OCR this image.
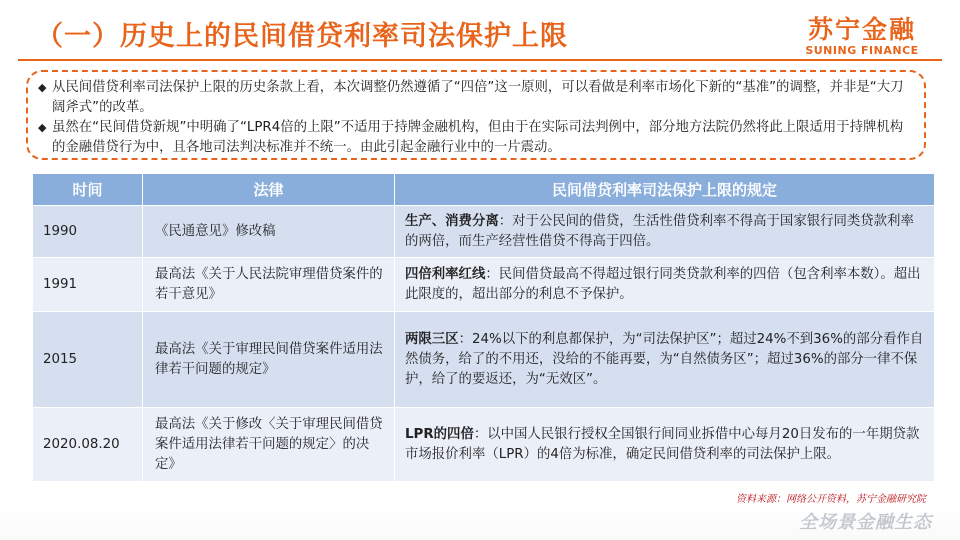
（一）历史上的民间借贷利率司法保护上限	苏宁金融
SUNING FINANCE
◆ 从民间借贷利率司法保护上限的历史条款上看，本次调整仍然遵循了“四倍”这一原则，可以看做是利率市场化下新的“基准”的调整，并非是“大刀阔斧式”的改革。
◆ 虽然在“民间借贷新规”中明确了“LPR4倍的上限”不适用于持牌金融机构，但由于在实际司法判例中，部分地方法院仍然将此上限适用于持牌机构的金融借贷行为中，且各地司法判决标准并不统一。由此引起金融行业中的一片震动。
时间	法律	民间借贷利率司法保护上限的规定
1990	《民通意见》修改稿	生产、消费分离：对于公民间的借贷，生活性借贷利率不得高于国家银行同类贷款利率的两倍，而生产经营性借贷不得高于四倍。
1991	最高法《关于人民法院审理借贷案件的若干意见》	四倍利率红线：民间借贷最高不得超过银行同类贷款利率的四倍（包含利率本数）。超出此限度的，超出部分的利息不予保护。
2015	最高法《关于审理民间借贷案件适用法律若干问题的规定》	两限三区：24%以下的利息都保护，为“司法保护区”；超过24%不到36%的部分看作自然债务，给了的不用还，没给的不能再要，为“自然债务区”；超过36%的部分一律不保护，给了的要返还，为“无效区”。
2020.08.20	最高法《关于修改〈关于审理民间借贷案件适用法律若干问题的规定〉的决定》	LPR的四倍：以中国人民银行授权全国银行间同业拆借中心每月20日发布的一年期贷款市场报价利率（LPR）的4倍为标准，确定民间借贷利率的司法保护上限。
资料来源：网络公开资料，苏宁金融研究院
全场景金融生态
